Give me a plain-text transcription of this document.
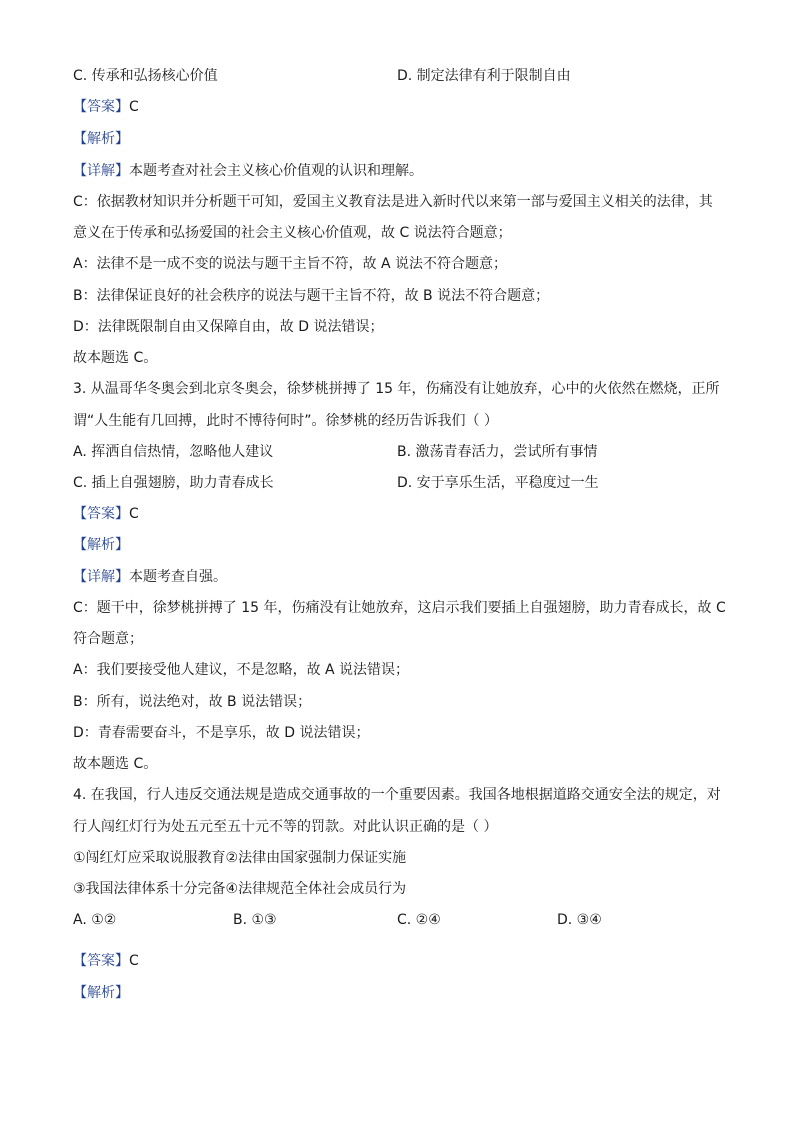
C. 传承和弘扬核心价值	D. 制定法律有利于限制自由
【答案】C
【解析】
【详解】本题考查对社会主义核心价值观的认识和理解。
C：依据教材知识并分析题干可知，爱国主义教育法是进入新时代以来第一部与爱国主义相关的法律，其
意义在于传承和弘扬爱国的社会主义核心价值观，故 C 说法符合题意；
A：法律不是一成不变的说法与题干主旨不符，故 A 说法不符合题意；
B：法律保证良好的社会秩序的说法与题干主旨不符，故 B 说法不符合题意；
D：法律既限制自由又保障自由，故 D 说法错误；
故本题选 C。
3. 从温哥华冬奥会到北京冬奥会，徐梦桃拼搏了 15 年，伤痛没有让她放弃，心中的火依然在燃烧，正所
谓“人生能有几回搏，此时不博待何时”。徐梦桃的经历告诉我们（ ）
A. 挥洒自信热情，忽略他人建议	B. 激荡青春活力，尝试所有事情
C. 插上自强翅膀，助力青春成长	D. 安于享乐生活，平稳度过一生
【答案】C
【解析】
【详解】本题考查自强。
C：题干中，徐梦桃拼搏了 15 年，伤痛没有让她放弃，这启示我们要插上自强翅膀，助力青春成长，故 C
符合题意；
A：我们要接受他人建议，不是忽略，故 A 说法错误；
B：所有，说法绝对，故 B 说法错误；
D：青春需要奋斗，不是享乐，故 D 说法错误；
故本题选 C。
4. 在我国，行人违反交通法规是造成交通事故的一个重要因素。我国各地根据道路交通安全法的规定，对
行人闯红灯行为处五元至五十元不等的罚款。对此认识正确的是（ ）
①闯红灯应采取说服教育②法律由国家强制力保证实施
③我国法律体系十分完备④法律规范全体社会成员行为
A. ①②	B. ①③	C. ②④	D. ③④
【答案】C
【解析】
